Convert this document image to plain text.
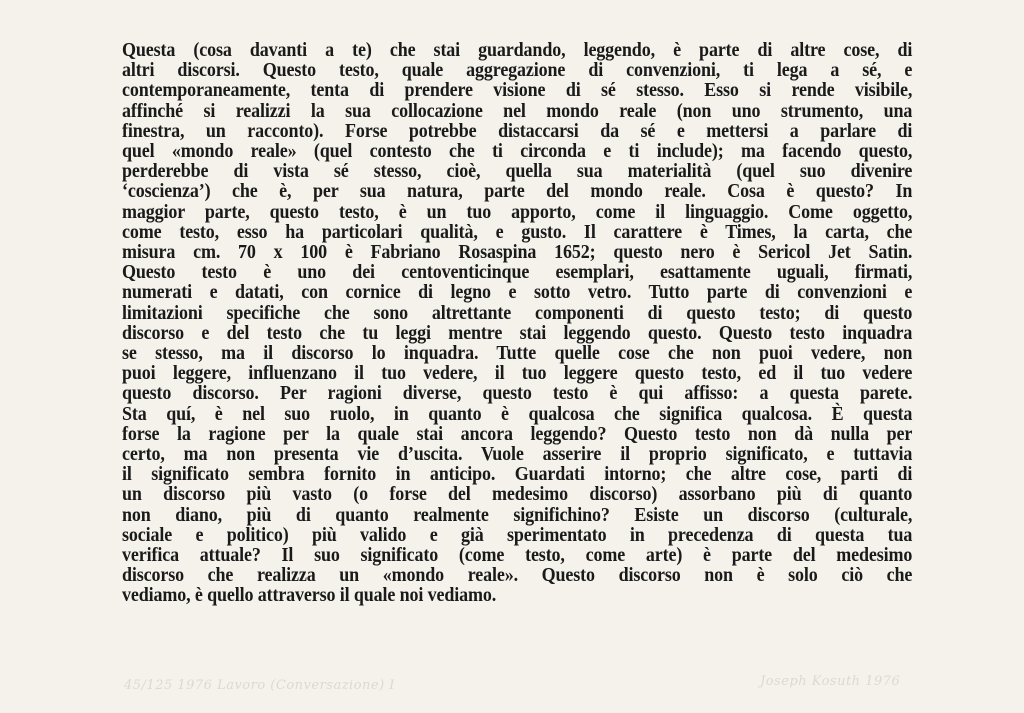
Questa (cosa davanti a te) che stai guardando, leggendo, è parte di altre cose, di
altri discorsi. Questo testo, quale aggregazione di convenzioni, ti lega a sé, e
contemporaneamente, tenta di prendere visione di sé stesso. Esso si rende visibile,
affinché si realizzi la sua collocazione nel mondo reale (non uno strumento, una
finestra, un racconto). Forse potrebbe distaccarsi da sé e mettersi a parlare di
quel «mondo reale» (quel contesto che ti circonda e ti include); ma facendo questo,
perderebbe di vista sé stesso, cioè, quella sua materialità (quel suo divenire
‘coscienza’) che è, per sua natura, parte del mondo reale. Cosa è questo? In
maggior parte, questo testo, è un tuo apporto, come il linguaggio. Come oggetto,
come testo, esso ha particolari qualità, e gusto. Il carattere è Times, la carta, che
misura cm. 70 x 100 è Fabriano Rosaspina 1652; questo nero è Sericol Jet Satin.
Questo testo è uno dei centoventicinque esemplari, esattamente uguali, firmati,
numerati e datati, con cornice di legno e sotto vetro. Tutto parte di convenzioni e
limitazioni specifiche che sono altrettante componenti di questo testo; di questo
discorso e del testo che tu leggi mentre stai leggendo questo. Questo testo inquadra
se stesso, ma il discorso lo inquadra. Tutte quelle cose che non puoi vedere, non
puoi leggere, influenzano il tuo vedere, il tuo leggere questo testo, ed il tuo vedere
questo discorso. Per ragioni diverse, questo testo è qui affisso: a questa parete.
Sta quí, è nel suo ruolo, in quanto è qualcosa che significa qualcosa. È questa
forse la ragione per la quale stai ancora leggendo? Questo testo non dà nulla per
certo, ma non presenta vie d’uscita. Vuole asserire il proprio significato, e tuttavia
il significato sembra fornito in anticipo. Guardati intorno; che altre cose, parti di
un discorso più vasto (o forse del medesimo discorso) assorbano più di quanto
non diano, più di quanto realmente significhino? Esiste un discorso (culturale,
sociale e politico) più valido e già sperimentato in precedenza di questa tua
verifica attuale? Il suo significato (come testo, come arte) è parte del medesimo
discorso che realizza un «mondo reale». Questo discorso non è solo ciò che
vediamo, è quello attraverso il quale noi vediamo.
45/125 1976 Lavoro (Conversazione) I	Joseph Kosuth 1976
